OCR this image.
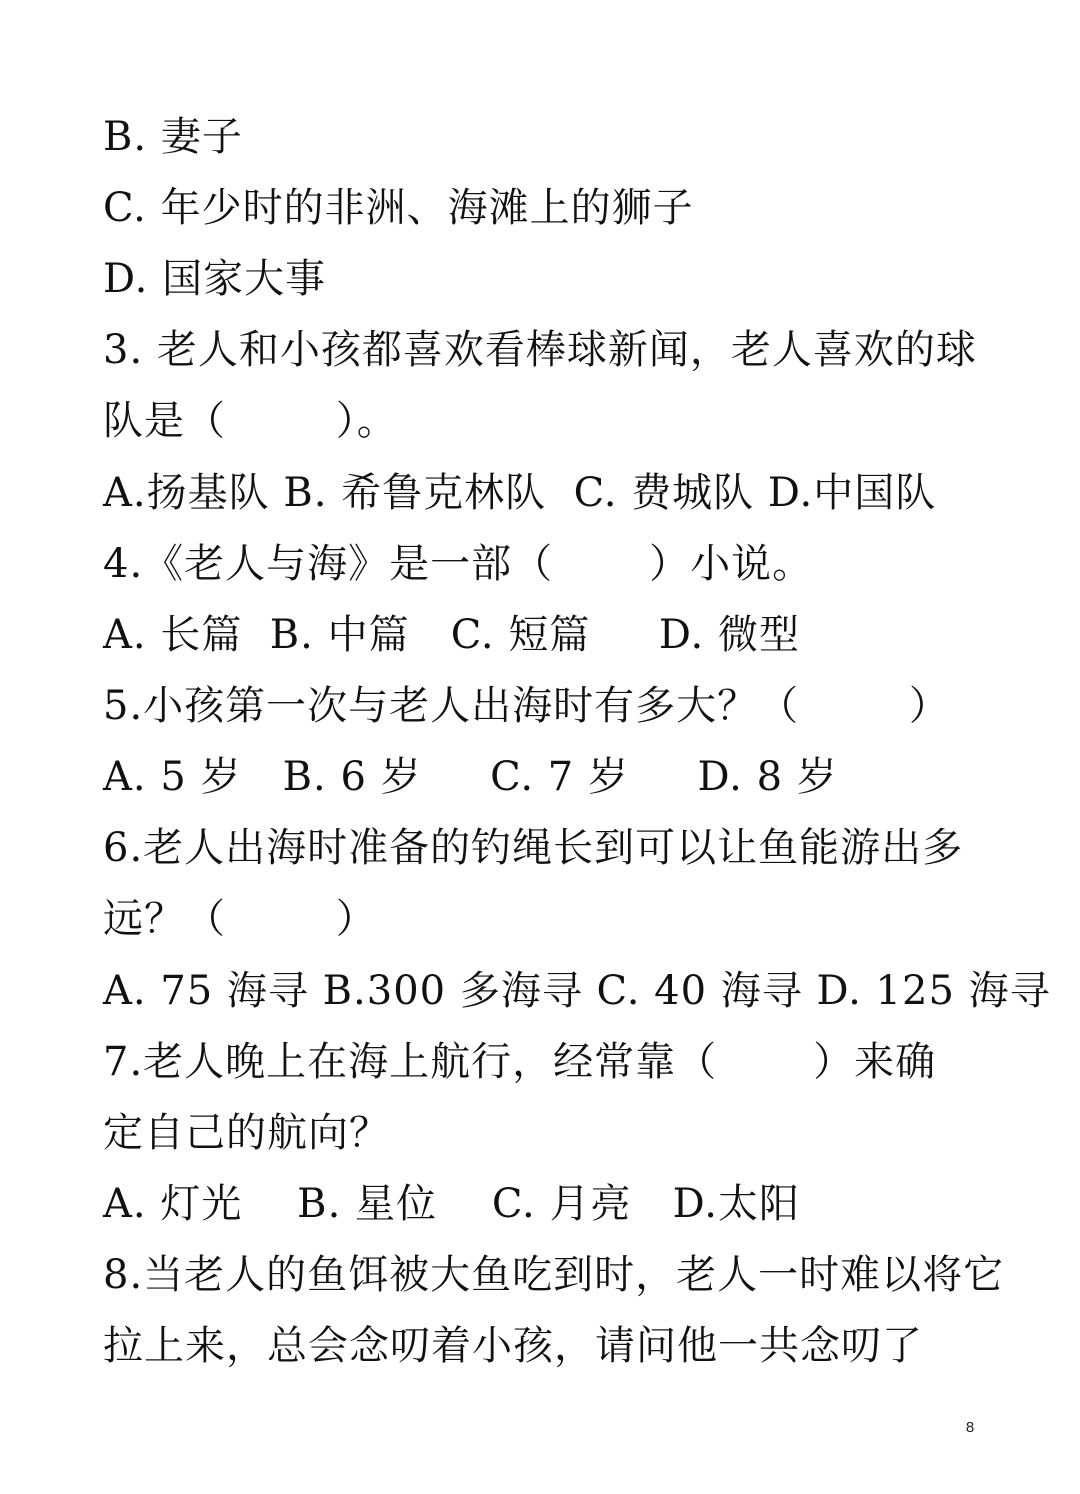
B. 妻子
C. 年少时的非洲、海滩上的狮子
D. 国家大事
3. 老人和小孩都喜欢看棒球新闻，老人喜欢的球
队是（        ）。
A.扬基队 B. 希鲁克林队  C. 费城队 D.中国队
4.《老人与海》是一部（       ）小说。
A. 长篇  B. 中篇   C. 短篇     D. 微型
5.小孩第一次与老人出海时有多大？（        ）
A. 5 岁   B. 6 岁     C. 7 岁     D. 8 岁
6.老人出海时准备的钓绳长到可以让鱼能游出多
远？（        ）
A. 75 海寻 B.300 多海寻 C. 40 海寻 D. 125 海寻
7.老人晚上在海上航行，经常靠（       ）来确
定自己的航向？
A. 灯光    B. 星位    C. 月亮   D.太阳
8.当老人的鱼饵被大鱼吃到时，老人一时难以将它
拉上来，总会念叨着小孩，请问他一共念叨了
8
